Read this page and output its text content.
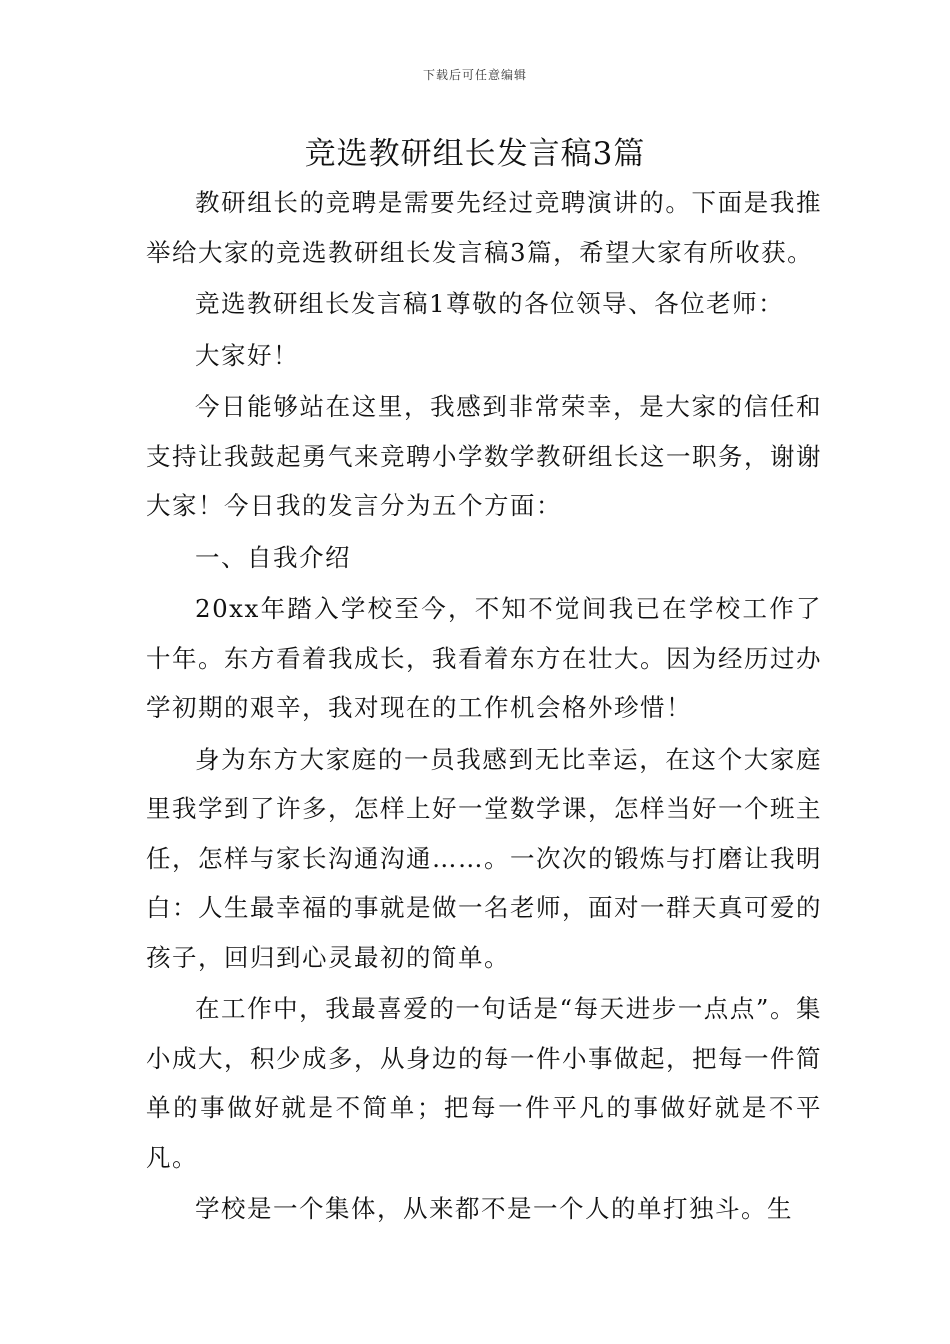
下载后可任意编辑
竞选教研组长发言稿3篇

教研组长的竞聘是需要先经过竞聘演讲的。下面是我推举给大家的竞选教研组长发言稿3篇，希望大家有所收获。

竞选教研组长发言稿1尊敬的各位领导、各位老师：

大家好！

今日能够站在这里，我感到非常荣幸，是大家的信任和支持让我鼓起勇气来竞聘小学数学教研组长这一职务，谢谢大家！今日我的发言分为五个方面：

一、自我介绍

20xx年踏入学校至今，不知不觉间我已在学校工作了十年。东方看着我成长，我看着东方在壮大。因为经历过办学初期的艰辛，我对现在的工作机会格外珍惜！

身为东方大家庭的一员我感到无比幸运，在这个大家庭里我学到了许多，怎样上好一堂数学课，怎样当好一个班主任，怎样与家长沟通沟通……。一次次的锻炼与打磨让我明白：人生最幸福的事就是做一名老师，面对一群天真可爱的孩子，回归到心灵最初的简单。

在工作中，我最喜爱的一句话是“每天进步一点点”。集小成大，积少成多，从身边的每一件小事做起，把每一件简单的事做好就是不简单；把每一件平凡的事做好就是不平凡。

学校是一个集体，从来都不是一个人的单打独斗。生
